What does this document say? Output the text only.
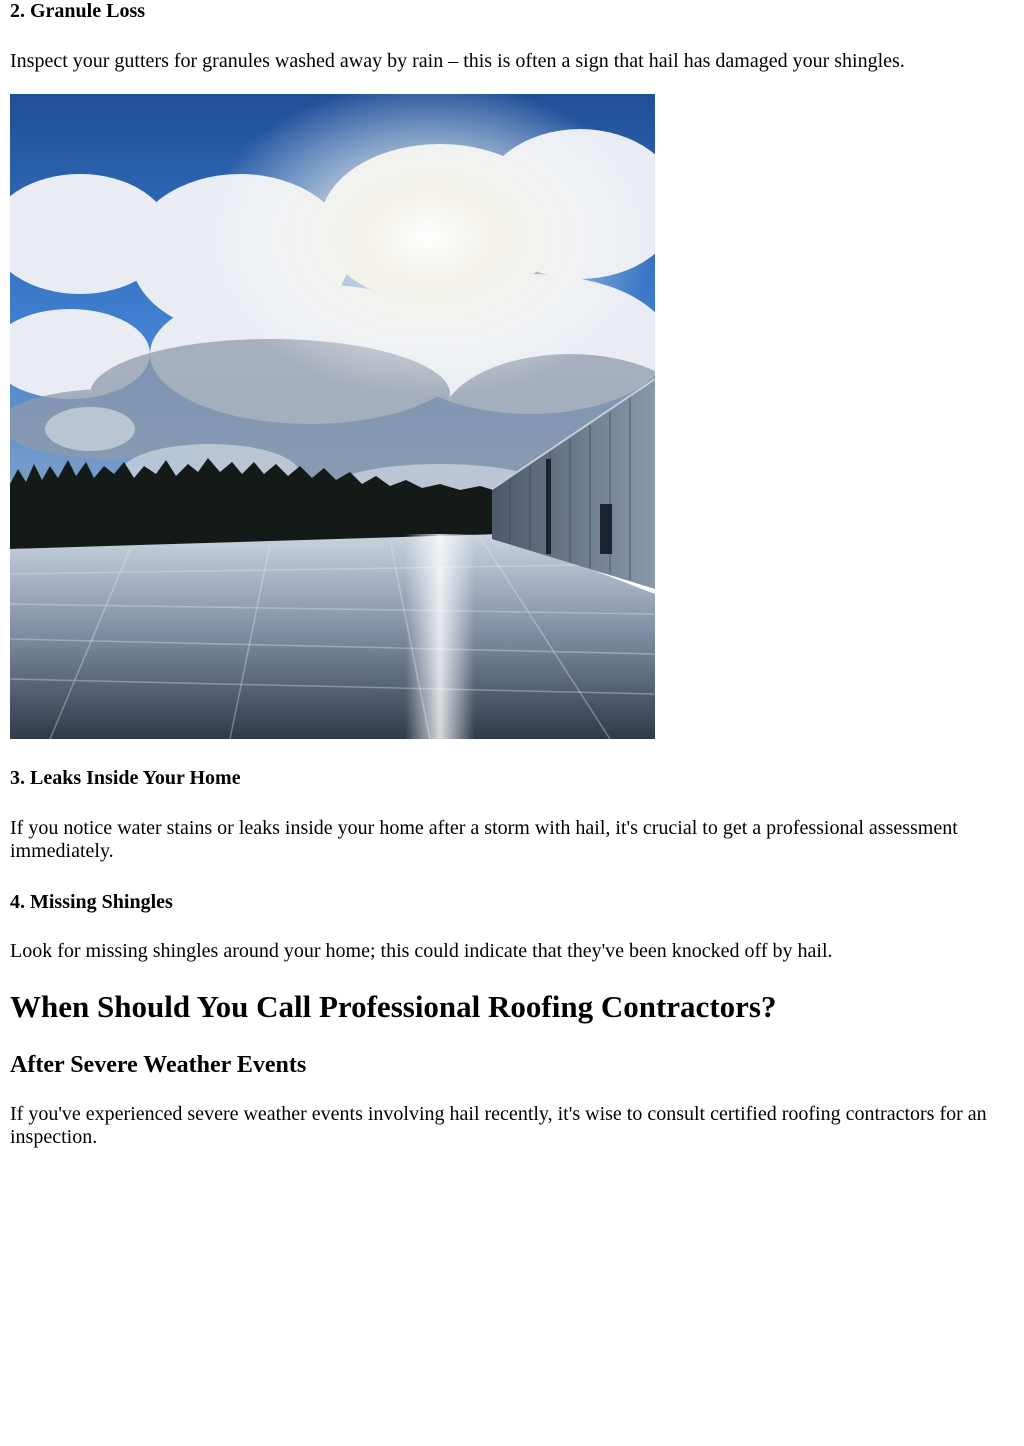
2. Granule Loss

Inspect your gutters for granules washed away by rain – this is often a sign that hail has damaged your shingles.

3. Leaks Inside Your Home

If you notice water stains or leaks inside your home after a storm with hail, it's crucial to get a professional assessment immediately.

4. Missing Shingles

Look for missing shingles around your home; this could indicate that they've been knocked off by hail.

When Should You Call Professional Roofing Contractors?
After Severe Weather Events

If you've experienced severe weather events involving hail recently, it's wise to consult certified roofing contractors for an inspection.
